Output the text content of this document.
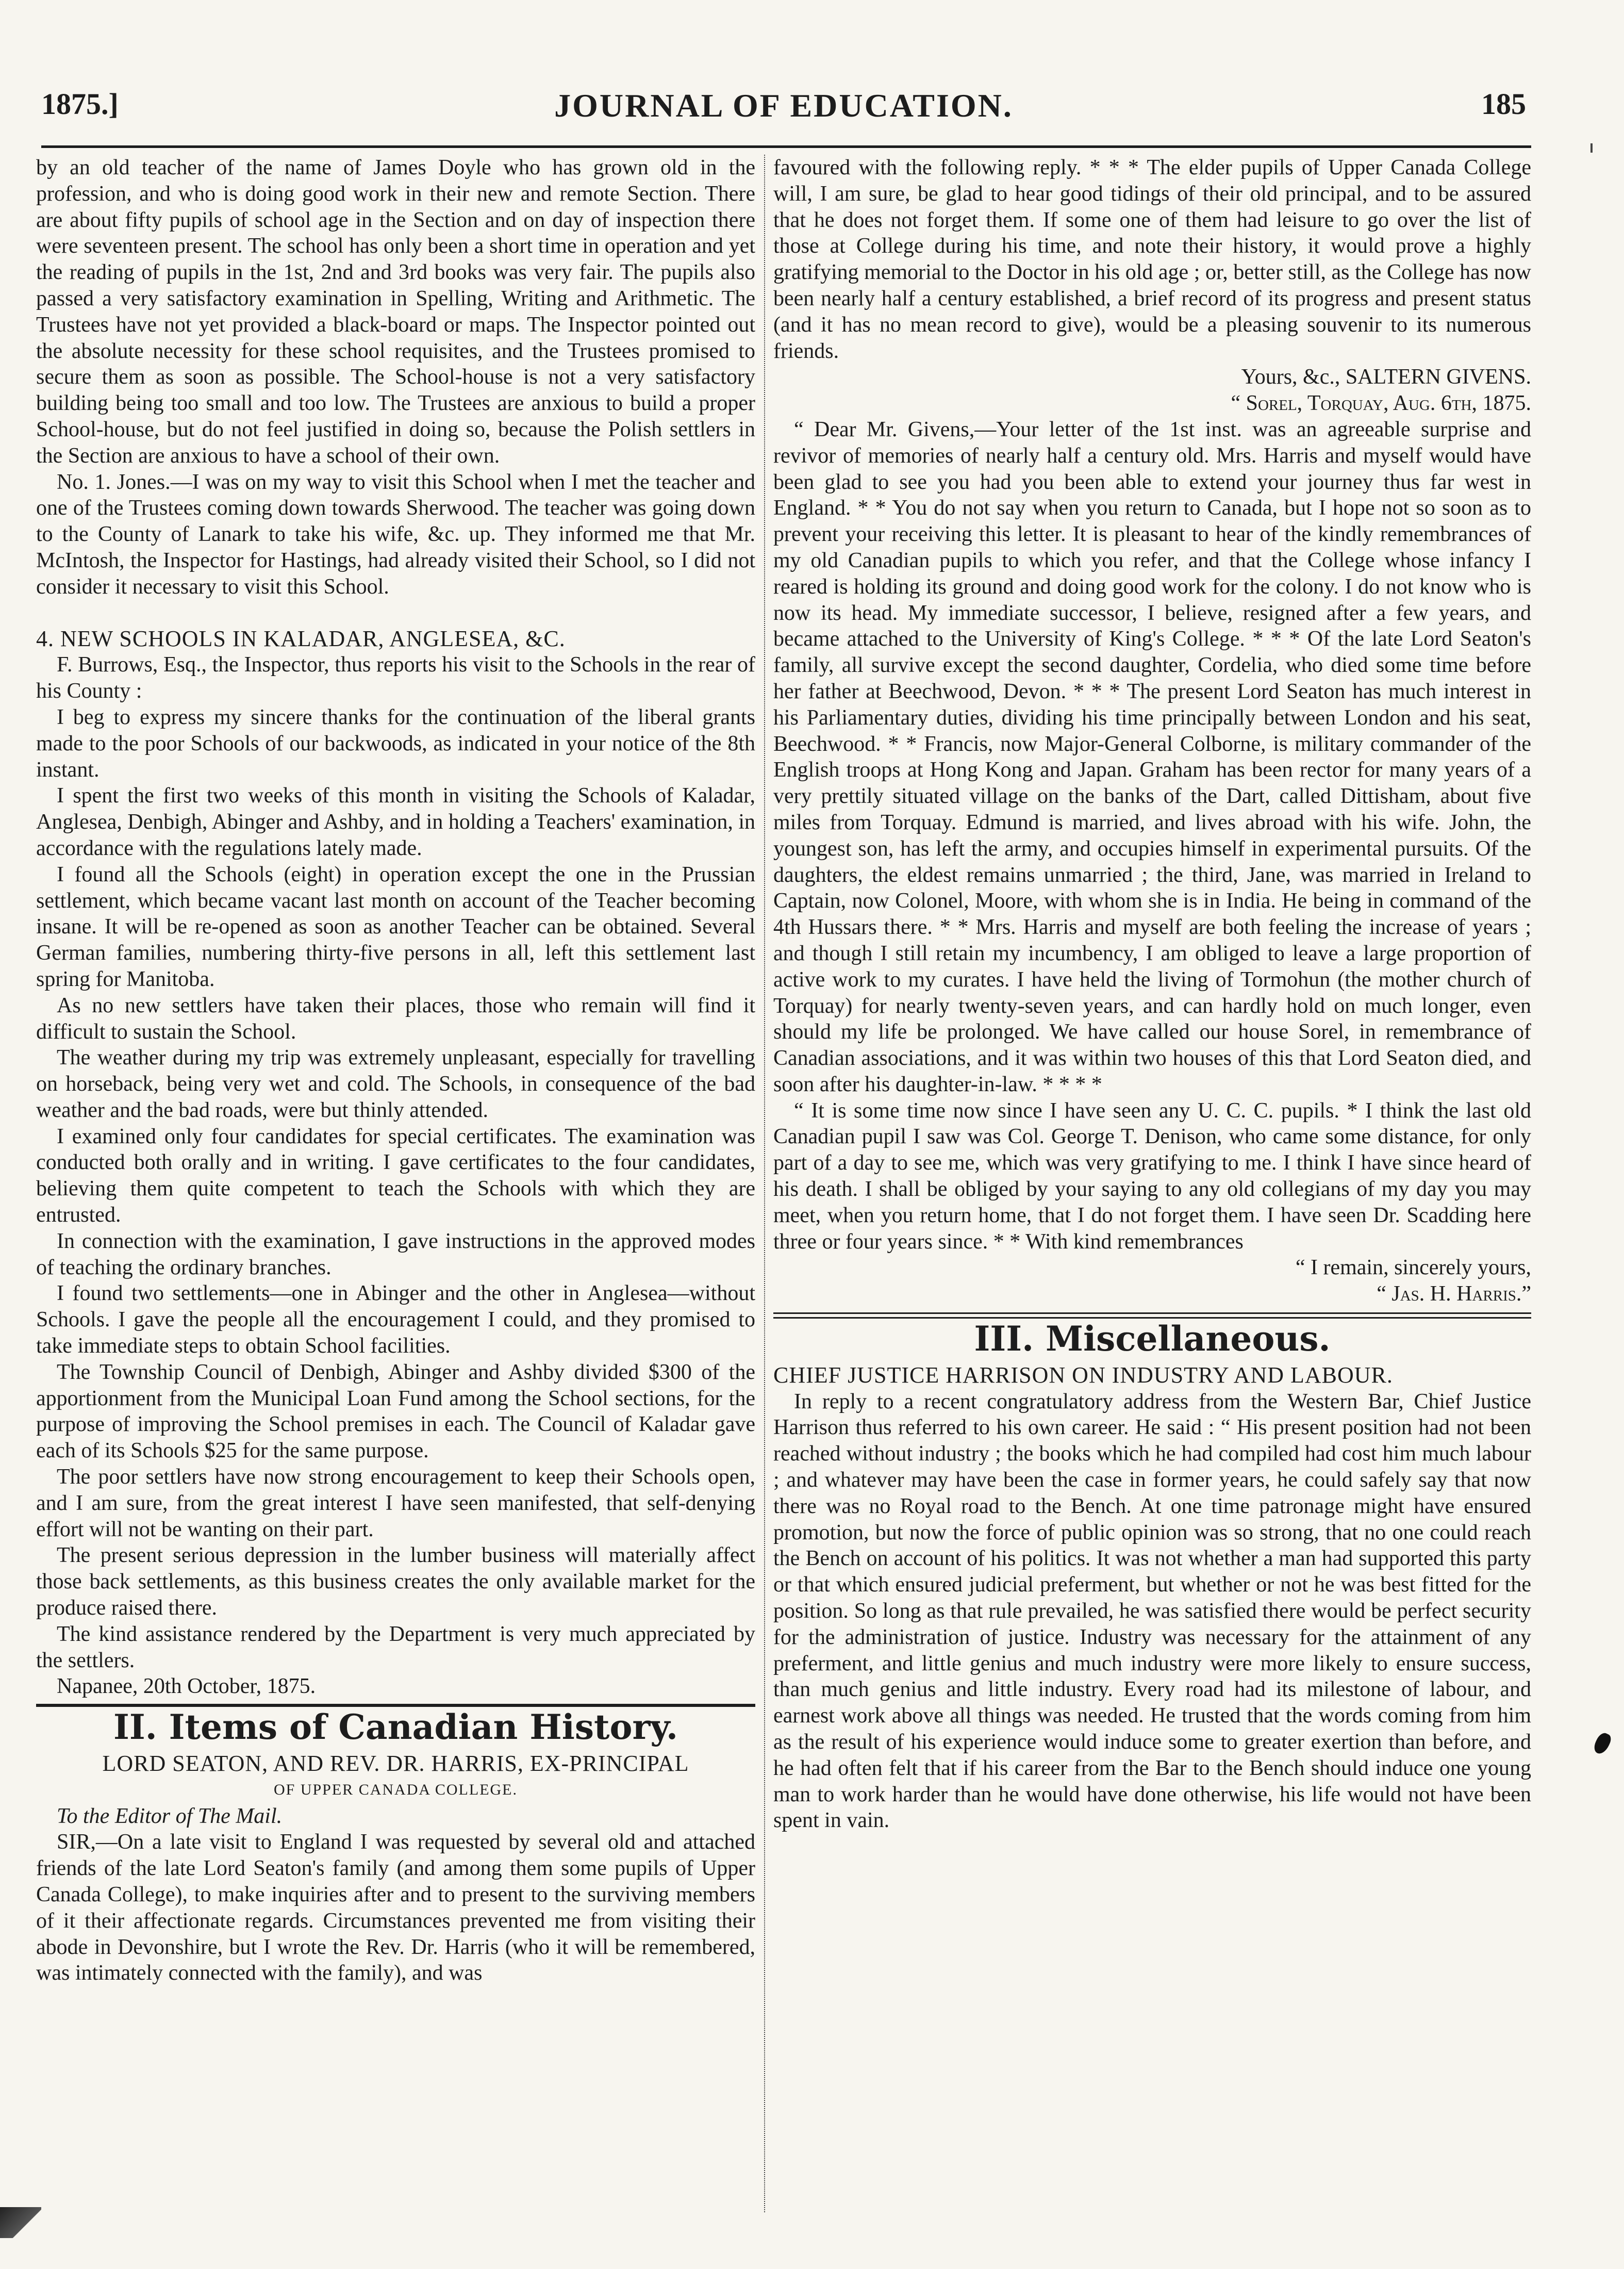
1875.]	JOURNAL OF EDUCATION.	185

by an old teacher of the name of James Doyle who has grown old in the profession, and who is doing good work in their new and remote Section. There are about fifty pupils of school age in the Section and on day of inspection there were seventeen present. The school has only been a short time in operation and yet the reading of pupils in the 1st, 2nd and 3rd books was very fair. The pupils also passed a very satisfactory examination in Spelling, Writing and Arithmetic. The Trustees have not yet provided a black-board or maps. The Inspector pointed out the absolute necessity for these school requisites, and the Trustees promised to secure them as soon as possible. The School-house is not a very satisfactory building being too small and too low. The Trustees are anxious to build a proper School-house, but do not feel justified in doing so, because the Polish settlers in the Section are anxious to have a school of their own.

No. 1. Jones.—I was on my way to visit this School when I met the teacher and one of the Trustees coming down towards Sherwood. The teacher was going down to the County of Lanark to take his wife, &c. up. They informed me that Mr. McIntosh, the Inspector for Hastings, had already visited their School, so I did not consider it necessary to visit this School.

4. NEW SCHOOLS IN KALADAR, ANGLESEA, &C.

F. Burrows, Esq., the Inspector, thus reports his visit to the Schools in the rear of his County :

I beg to express my sincere thanks for the continuation of the liberal grants made to the poor Schools of our backwoods, as indicated in your notice of the 8th instant.

I spent the first two weeks of this month in visiting the Schools of Kaladar, Anglesea, Denbigh, Abinger and Ashby, and in holding a Teachers' examination, in accordance with the regulations lately made.

I found all the Schools (eight) in operation except the one in the Prussian settlement, which became vacant last month on account of the Teacher becoming insane. It will be re-opened as soon as another Teacher can be obtained. Several German families, numbering thirty-five persons in all, left this settlement last spring for Manitoba.

As no new settlers have taken their places, those who remain will find it difficult to sustain the School.

The weather during my trip was extremely unpleasant, especially for travelling on horseback, being very wet and cold. The Schools, in consequence of the bad weather and the bad roads, were but thinly attended.

I examined only four candidates for special certificates. The examination was conducted both orally and in writing. I gave certificates to the four candidates, believing them quite competent to teach the Schools with which they are entrusted.

In connection with the examination, I gave instructions in the approved modes of teaching the ordinary branches.

I found two settlements—one in Abinger and the other in Anglesea—without Schools. I gave the people all the encouragement I could, and they promised to take immediate steps to obtain School facilities.

The Township Council of Denbigh, Abinger and Ashby divided $300 of the apportionment from the Municipal Loan Fund among the School sections, for the purpose of improving the School premises in each. The Council of Kaladar gave each of its Schools $25 for the same purpose.

The poor settlers have now strong encouragement to keep their Schools open, and I am sure, from the great interest I have seen manifested, that self-denying effort will not be wanting on their part.

The present serious depression in the lumber business will materially affect those back settlements, as this business creates the only available market for the produce raised there.

The kind assistance rendered by the Department is very much appreciated by the settlers.

Napanee, 20th October, 1875.

II. Items of Canadian History.

LORD SEATON, AND REV. DR. HARRIS, EX-PRINCIPAL

OF UPPER CANADA COLLEGE.

To the Editor of The Mail.

SIR,—On a late visit to England I was requested by several old and attached friends of the late Lord Seaton's family (and among them some pupils of Upper Canada College), to make inquiries after and to present to the surviving members of it their affectionate regards. Circumstances prevented me from visiting their abode in Devonshire, but I wrote the Rev. Dr. Harris (who it will be remembered, was intimately connected with the family), and was

favoured with the following reply. * * * The elder pupils of Upper Canada College will, I am sure, be glad to hear good tidings of their old principal, and to be assured that he does not forget them. If some one of them had leisure to go over the list of those at College during his time, and note their history, it would prove a highly gratifying memorial to the Doctor in his old age ; or, better still, as the College has now been nearly half a century established, a brief record of its progress and present status (and it has no mean record to give), would be a pleasing souvenir to its numerous friends.

Yours, &c., SALTERN GIVENS.

“ Sorel, Torquay, Aug. 6th, 1875.

“ Dear Mr. Givens,—Your letter of the 1st inst. was an agreeable surprise and revivor of memories of nearly half a century old. Mrs. Harris and myself would have been glad to see you had you been able to extend your journey thus far west in England. * * You do not say when you return to Canada, but I hope not so soon as to prevent your receiving this letter. It is pleasant to hear of the kindly remembrances of my old Canadian pupils to which you refer, and that the College whose infancy I reared is holding its ground and doing good work for the colony. I do not know who is now its head. My immediate successor, I believe, resigned after a few years, and became attached to the University of King's College. * * * Of the late Lord Seaton's family, all survive except the second daughter, Cordelia, who died some time before her father at Beechwood, Devon. * * * The present Lord Seaton has much interest in his Parliamentary duties, dividing his time principally between London and his seat, Beechwood. * * Francis, now Major-General Colborne, is military commander of the English troops at Hong Kong and Japan. Graham has been rector for many years of a very prettily situated village on the banks of the Dart, called Dittisham, about five miles from Torquay. Edmund is married, and lives abroad with his wife. John, the youngest son, has left the army, and occupies himself in experimental pursuits. Of the daughters, the eldest remains unmarried ; the third, Jane, was married in Ireland to Captain, now Colonel, Moore, with whom she is in India. He being in command of the 4th Hussars there. * * Mrs. Harris and myself are both feeling the increase of years ; and though I still retain my incumbency, I am obliged to leave a large proportion of active work to my curates. I have held the living of Tormohun (the mother church of Torquay) for nearly twenty-seven years, and can hardly hold on much longer, even should my life be prolonged. We have called our house Sorel, in remembrance of Canadian associations, and it was within two houses of this that Lord Seaton died, and soon after his daughter-in-law. * * * *

“ It is some time now since I have seen any U. C. C. pupils. * I think the last old Canadian pupil I saw was Col. George T. Denison, who came some distance, for only part of a day to see me, which was very gratifying to me. I think I have since heard of his death. I shall be obliged by your saying to any old collegians of my day you may meet, when you return home, that I do not forget them. I have seen Dr. Scadding here three or four years since. * * With kind remembrances

“ I remain, sincerely yours,

“ Jas. H. Harris.”

III. Miscellaneous.

CHIEF JUSTICE HARRISON ON INDUSTRY AND LABOUR.

In reply to a recent congratulatory address from the Western Bar, Chief Justice Harrison thus referred to his own career. He said : “ His present position had not been reached without industry ; the books which he had compiled had cost him much labour ; and whatever may have been the case in former years, he could safely say that now there was no Royal road to the Bench. At one time patronage might have ensured promotion, but now the force of public opinion was so strong, that no one could reach the Bench on account of his politics. It was not whether a man had supported this party or that which ensured judicial preferment, but whether or not he was best fitted for the position. So long as that rule prevailed, he was satisfied there would be perfect security for the administration of justice. Industry was necessary for the attainment of any preferment, and little genius and much industry were more likely to ensure success, than much genius and little industry. Every road had its milestone of labour, and earnest work above all things was needed. He trusted that the words coming from him as the result of his experience would induce some to greater exertion than before, and he had often felt that if his career from the Bar to the Bench should induce one young man to work harder than he would have done otherwise, his life would not have been spent in vain.
